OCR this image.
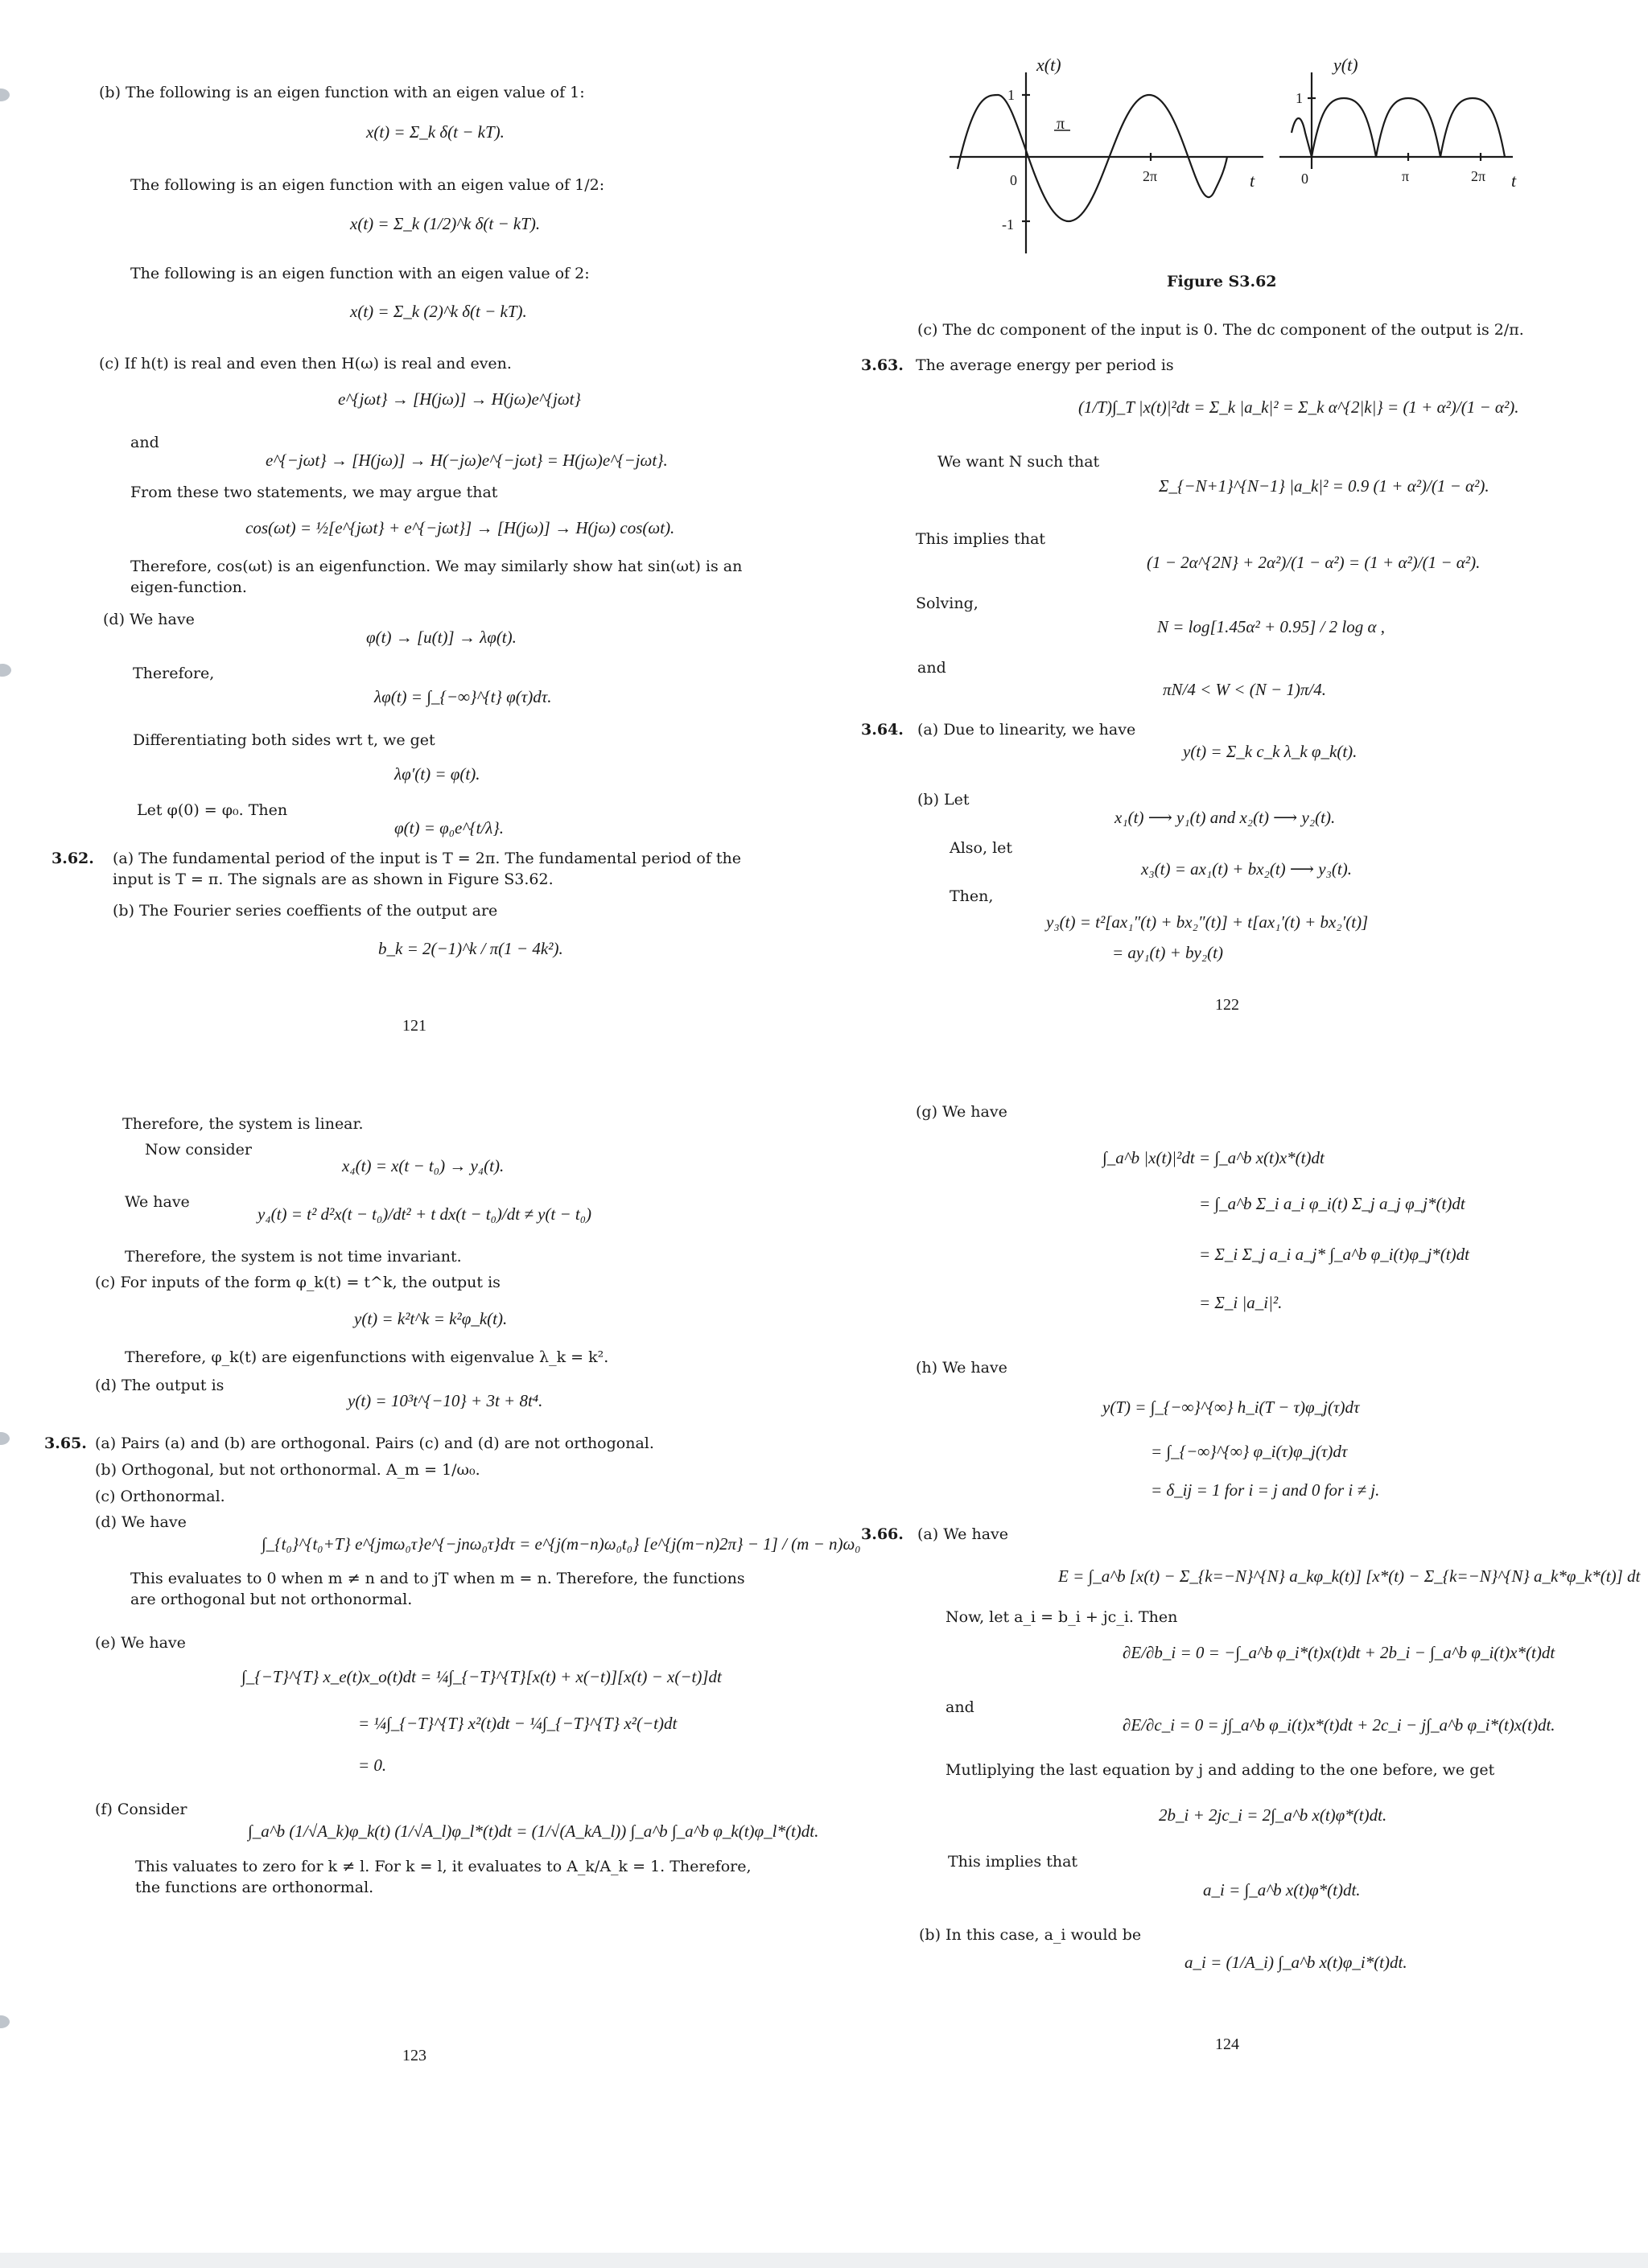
(b) The following is an eigen function with an eigen value of 1:
x(t) = Σ_k δ(t − kT).
The following is an eigen function with an eigen value of 1/2:
x(t) = Σ_k (1/2)^k δ(t − kT).
The following is an eigen function with an eigen value of 2:
x(t) = Σ_k (2)^k δ(t − kT).
(c) If h(t) is real and even then H(ω) is real and even.
e^{jωt} → [H(jω)] → H(jω)e^{jωt}
and
e^{−jωt} → [H(jω)] → H(−jω)e^{−jωt} = H(jω)e^{−jωt}.
From these two statements, we may argue that
cos(ωt) = ½[e^{jωt} + e^{−jωt}] → [H(jω)] → H(jω) cos(ωt).
Therefore, cos(ωt) is an eigenfunction. We may similarly show hat sin(ωt) is an eigen-function.
(d) We have
φ(t) → [u(t)] → λφ(t).
Therefore,
λφ(t) = ∫_{−∞}^{t} φ(τ)dτ.
Differentiating both sides wrt t, we get
λφ′(t) = φ(t).
Let φ(0) = φ₀. Then
φ(t) = φ₀e^{t/λ}.
3.62. (a) The fundamental period of the input is T = 2π. The fundamental period of the input is T = π. The signals are as shown in Figure S3.62.
(b) The Fourier series coeffients of the output are
b_k = 2(−1)^k / π(1 − 4k²).
121
x(t)
1
-1
0
π
2π	t
y(t)
1
0	π	2π t
Figure S3.62
(c) The dc component of the input is 0. The dc component of the output is 2/π.
3.63. The average energy per period is
(1/T)∫_T |x(t)|²dt = Σ_k |a_k|² = Σ_k α^{2|k|} = (1 + α²)/(1 − α²).
We want N such that
Σ_{−N+1}^{N−1} |a_k|² = 0.9 (1 + α²)/(1 − α²).
This implies that
(1 − 2α^{2N} + 2α²)/(1 − α²) = (1 + α²)/(1 − α²).
Solving,
N = log[1.45α² + 0.95] / 2 log α ,
and
πN/4 < W < (N − 1)π/4.
3.64. (a) Due to linearity, we have
y(t) = Σ_k c_k λ_k φ_k(t).
(b) Let
x₁(t) ⟶ y₁(t) and x₂(t) ⟶ y₂(t).
Also, let
x₃(t) = ax₁(t) + bx₂(t) ⟶ y₃(t).
Then,
y₃(t) = t²[ax₁″(t) + bx₂″(t)] + t[ax₁′(t) + bx₂′(t)]
= ay₁(t) + by₂(t)
122
Therefore, the system is linear.
Now consider
x₄(t) = x(t − t₀) → y₄(t).
We have
y₄(t) = t² d²x(t − t₀)/dt² + t dx(t − t₀)/dt ≠ y(t − t₀)
Therefore, the system is not time invariant.
(c) For inputs of the form φ_k(t) = t^k, the output is
y(t) = k²t^k = k²φ_k(t).
Therefore, φ_k(t) are eigenfunctions with eigenvalue λ_k = k².
(d) The output is
y(t) = 10³t^{−10} + 3t + 8t⁴.
3.65. (a) Pairs (a) and (b) are orthogonal. Pairs (c) and (d) are not orthogonal.
(b) Orthogonal, but not orthonormal. A_m = 1/ω₀.
(c) Orthonormal.
(d) We have
∫_{t₀}^{t₀+T} e^{jmω₀τ}e^{−jnω₀τ}dτ = e^{j(m−n)ω₀t₀} [e^{j(m−n)2π} − 1] / (m − n)ω₀
This evaluates to 0 when m ≠ n and to jT when m = n. Therefore, the functions are orthogonal but not orthonormal.
(e) We have
∫_{−T}^{T} x_e(t)x_o(t)dt = ¼∫_{−T}^{T}[x(t) + x(−t)][x(t) − x(−t)]dt
= ¼∫_{−T}^{T} x²(t)dt − ¼∫_{−T}^{T} x²(−t)dt
= 0.
(f) Consider
∫_a^b (1/√A_k)φ_k(t) (1/√A_l)φ_l*(t)dt = (1/√(A_kA_l)) ∫_a^b ∫_a^b φ_k(t)φ_l*(t)dt.
This valuates to zero for k ≠ l. For k = l, it evaluates to A_k/A_k = 1. Therefore, the functions are orthonormal.
123
(g) We have
∫_a^b |x(t)|²dt = ∫_a^b x(t)x*(t)dt
= ∫_a^b Σ_i a_i φ_i(t) Σ_j a_j φ_j*(t)dt
= Σ_i Σ_j a_i a_j* ∫_a^b φ_i(t)φ_j*(t)dt
= Σ_i |a_i|².
(h) We have
y(T) = ∫_{−∞}^{∞} h_i(T − τ)φ_j(τ)dτ
= ∫_{−∞}^{∞} φ_i(τ)φ_j(τ)dτ
= δ_ij = 1 for i = j and 0 for i ≠ j.
3.66. (a) We have
E = ∫_a^b [x(t) − Σ_{k=−N}^{N} a_kφ_k(t)] [x*(t) − Σ_{k=−N}^{N} a_k*φ_k*(t)] dt
Now, let a_i = b_i + jc_i. Then
∂E/∂b_i = 0 = −∫_a^b φ_i*(t)x(t)dt + 2b_i − ∫_a^b φ_i(t)x*(t)dt
and
∂E/∂c_i = 0 = j∫_a^b φ_i(t)x*(t)dt + 2c_i − j∫_a^b φ_i*(t)x(t)dt.
Mutliplying the last equation by j and adding to the one before, we get
2b_i + 2jc_i = 2∫_a^b x(t)φ*(t)dt.
This implies that
a_i = ∫_a^b x(t)φ*(t)dt.
(b) In this case, a_i would be
a_i = (1/A_i) ∫_a^b x(t)φ_i*(t)dt.
124
